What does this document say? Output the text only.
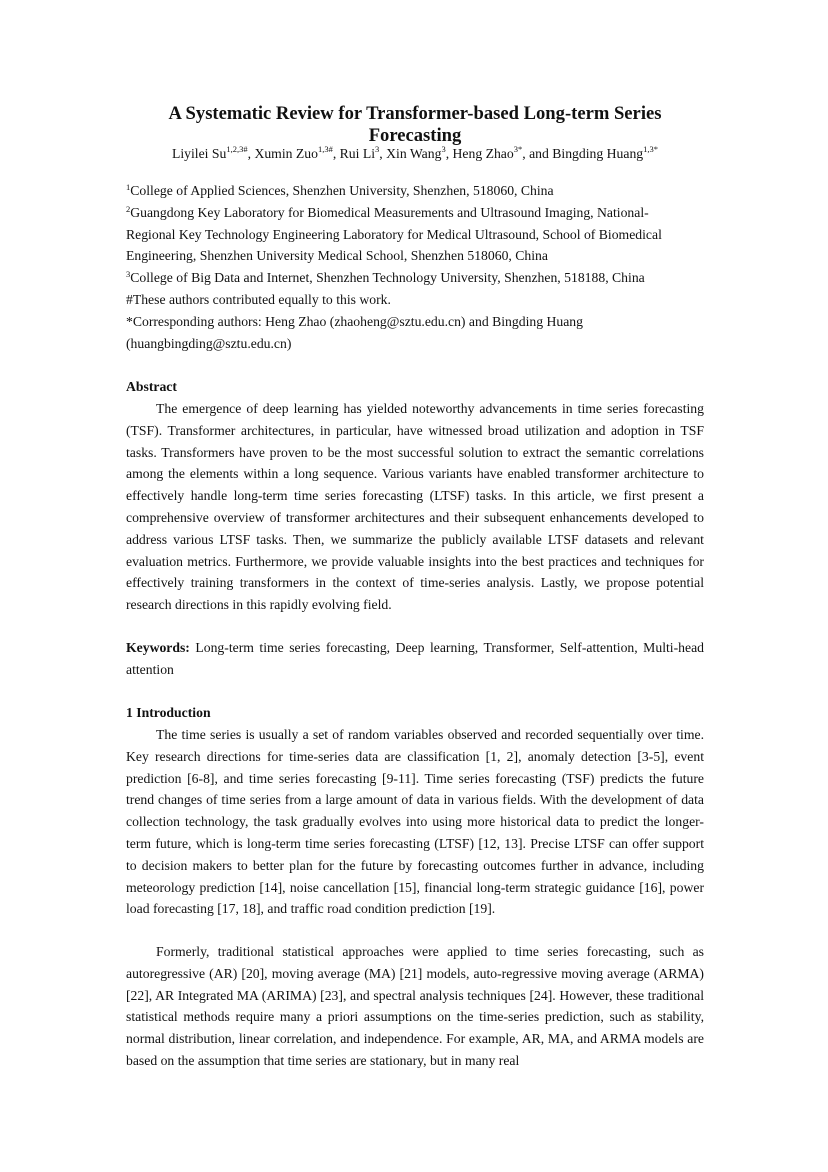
A Systematic Review for Transformer-based Long-term Series
Forecasting
Liyilei $Su^{1,2,3\#}$, Xumin Zuo$^{1,3\#}$, Rui Li$^3$, Xin Wang$^3$, Heng Zhao$^{3*}$, and Bingding Huang$^{1,3*}$

$^1$College of Applied Sciences, Shenzhen University, Shenzhen, 518060, China

$^2$Guangdong Key Laboratory for Biomedical Measurements and Ultrasound Imaging, National-

Regional Key Technology Engineering Laboratory for Medical Ultrasound, School of Biomedical

Engineering, Shenzhen University Medical School, Shenzhen 518060, China

$^3$College of Big Data and Internet, Shenzhen Technology University, Shenzhen, 518188, China

#These authors contributed equally to this work.

*Corresponding authors: Heng Zhao (zhaoheng@sztu.edu.cn) and Bingding Huang

(huangbingding@sztu.edu.cn)

Abstract

The emergence of deep learning has yielded noteworthy advancements in time series forecasting (TSF). Transformer architectures, in particular, have witnessed broad utilization and adoption in TSF tasks. Transformers have proven to be the most successful solution to extract the semantic correlations among the elements within a long sequence. Various variants have enabled transformer architecture to effectively handle long-term time series forecasting (LTSF) tasks. In this article, we first present a comprehensive overview of transformer architectures and their subsequent enhancements developed to address various LTSF tasks. Then, we summarize the publicly available LTSF datasets and relevant evaluation metrics. Furthermore, we provide valuable insights into the best practices and techniques for effectively training transformers in the context of time-series analysis. Lastly, we propose potential research directions in this rapidly evolving field.

Keywords: Long-term time series forecasting, Deep learning, Transformer, Self-attention, Multi-head attention

1 Introduction

The time series is usually a set of random variables observed and recorded sequentially over time. Key research directions for time-series data are classification [1, 2], anomaly detection [3-5], event prediction [6-8], and time series forecasting [9-11]. Time series forecasting (TSF) predicts the future trend changes of time series from a large amount of data in various fields. With the development of data collection technology, the task gradually evolves into using more historical data to predict the longer-term future, which is long-term time series forecasting (LTSF) [12, 13]. Precise LTSF can offer support to decision makers to better plan for the future by forecasting outcomes further in advance, including meteorology prediction [14], noise cancellation [15], financial long-term strategic guidance [16], power load forecasting [17, 18], and traffic road condition prediction [19].

Formerly, traditional statistical approaches were applied to time series forecasting, such as autoregressive (AR) [20], moving average (MA) [21] models, auto-regressive moving average (ARMA) [22], AR Integrated MA (ARIMA) [23], and spectral analysis techniques [24]. However, these traditional statistical methods require many a priori assumptions on the time-series prediction, such as stability, normal distribution, linear correlation, and independence. For example, AR, MA, and ARMA models are based on the assumption that time series are stationary, but in many real
